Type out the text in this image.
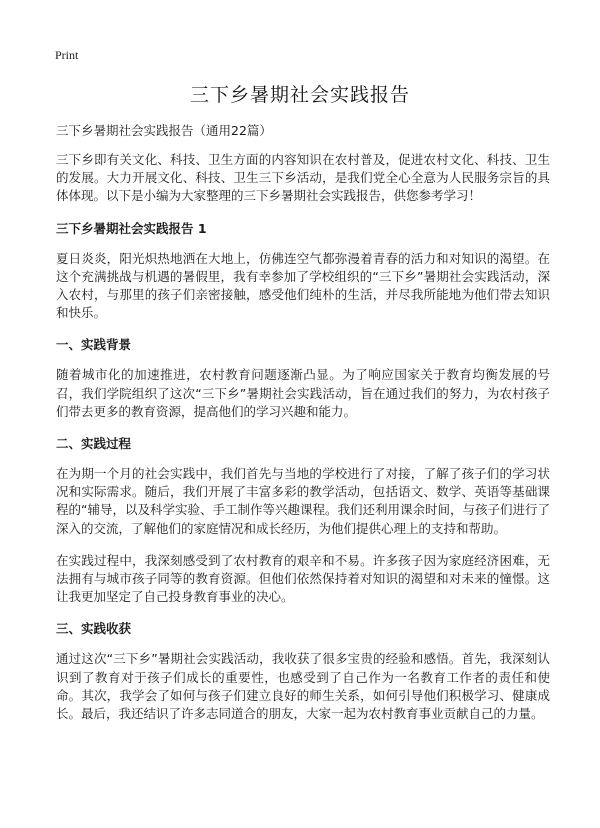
Print
三下乡暑期社会实践报告

三下乡暑期社会实践报告（通用22篇）

三下乡即有关文化、科技、卫生方面的内容知识在农村普及，促进农村文化、科技、卫生的发展。大力开展文化、科技、卫生三下乡活动，是我们党全心全意为人民服务宗旨的具体体现。以下是小编为大家整理的三下乡暑期社会实践报告，供您参考学习！

三下乡暑期社会实践报告 1

夏日炎炎，阳光炽热地洒在大地上，仿佛连空气都弥漫着青春的活力和对知识的渴望。在这个充满挑战与机遇的暑假里，我有幸参加了学校组织的“三下乡”暑期社会实践活动，深入农村，与那里的孩子们亲密接触，感受他们纯朴的生活，并尽我所能地为他们带去知识和快乐。

一、实践背景

随着城市化的加速推进，农村教育问题逐渐凸显。为了响应国家关于教育均衡发展的号召，我们学院组织了这次“三下乡”暑期社会实践活动，旨在通过我们的努力，为农村孩子们带去更多的教育资源，提高他们的学习兴趣和能力。

二、实践过程

在为期一个月的社会实践中，我们首先与当地的学校进行了对接，了解了孩子们的学习状况和实际需求。随后，我们开展了丰富多彩的教学活动，包括语文、数学、英语等基础课程的“辅导，以及科学实验、手工制作等兴趣课程。我们还利用课余时间，与孩子们进行了深入的交流，了解他们的家庭情况和成长经历，为他们提供心理上的支持和帮助。

在实践过程中，我深刻感受到了农村教育的艰辛和不易。许多孩子因为家庭经济困难，无法拥有与城市孩子同等的教育资源。但他们依然保持着对知识的渴望和对未来的憧憬。这让我更加坚定了自己投身教育事业的决心。

三、实践收获

通过这次“三下乡”暑期社会实践活动，我收获了很多宝贵的经验和感悟。首先，我深刻认识到了教育对于孩子们成长的重要性，也感受到了自己作为一名教育工作者的责任和使命。其次，我学会了如何与孩子们建立良好的师生关系，如何引导他们积极学习、健康成长。最后，我还结识了许多志同道合的朋友，大家一起为农村教育事业贡献自己的力量。
